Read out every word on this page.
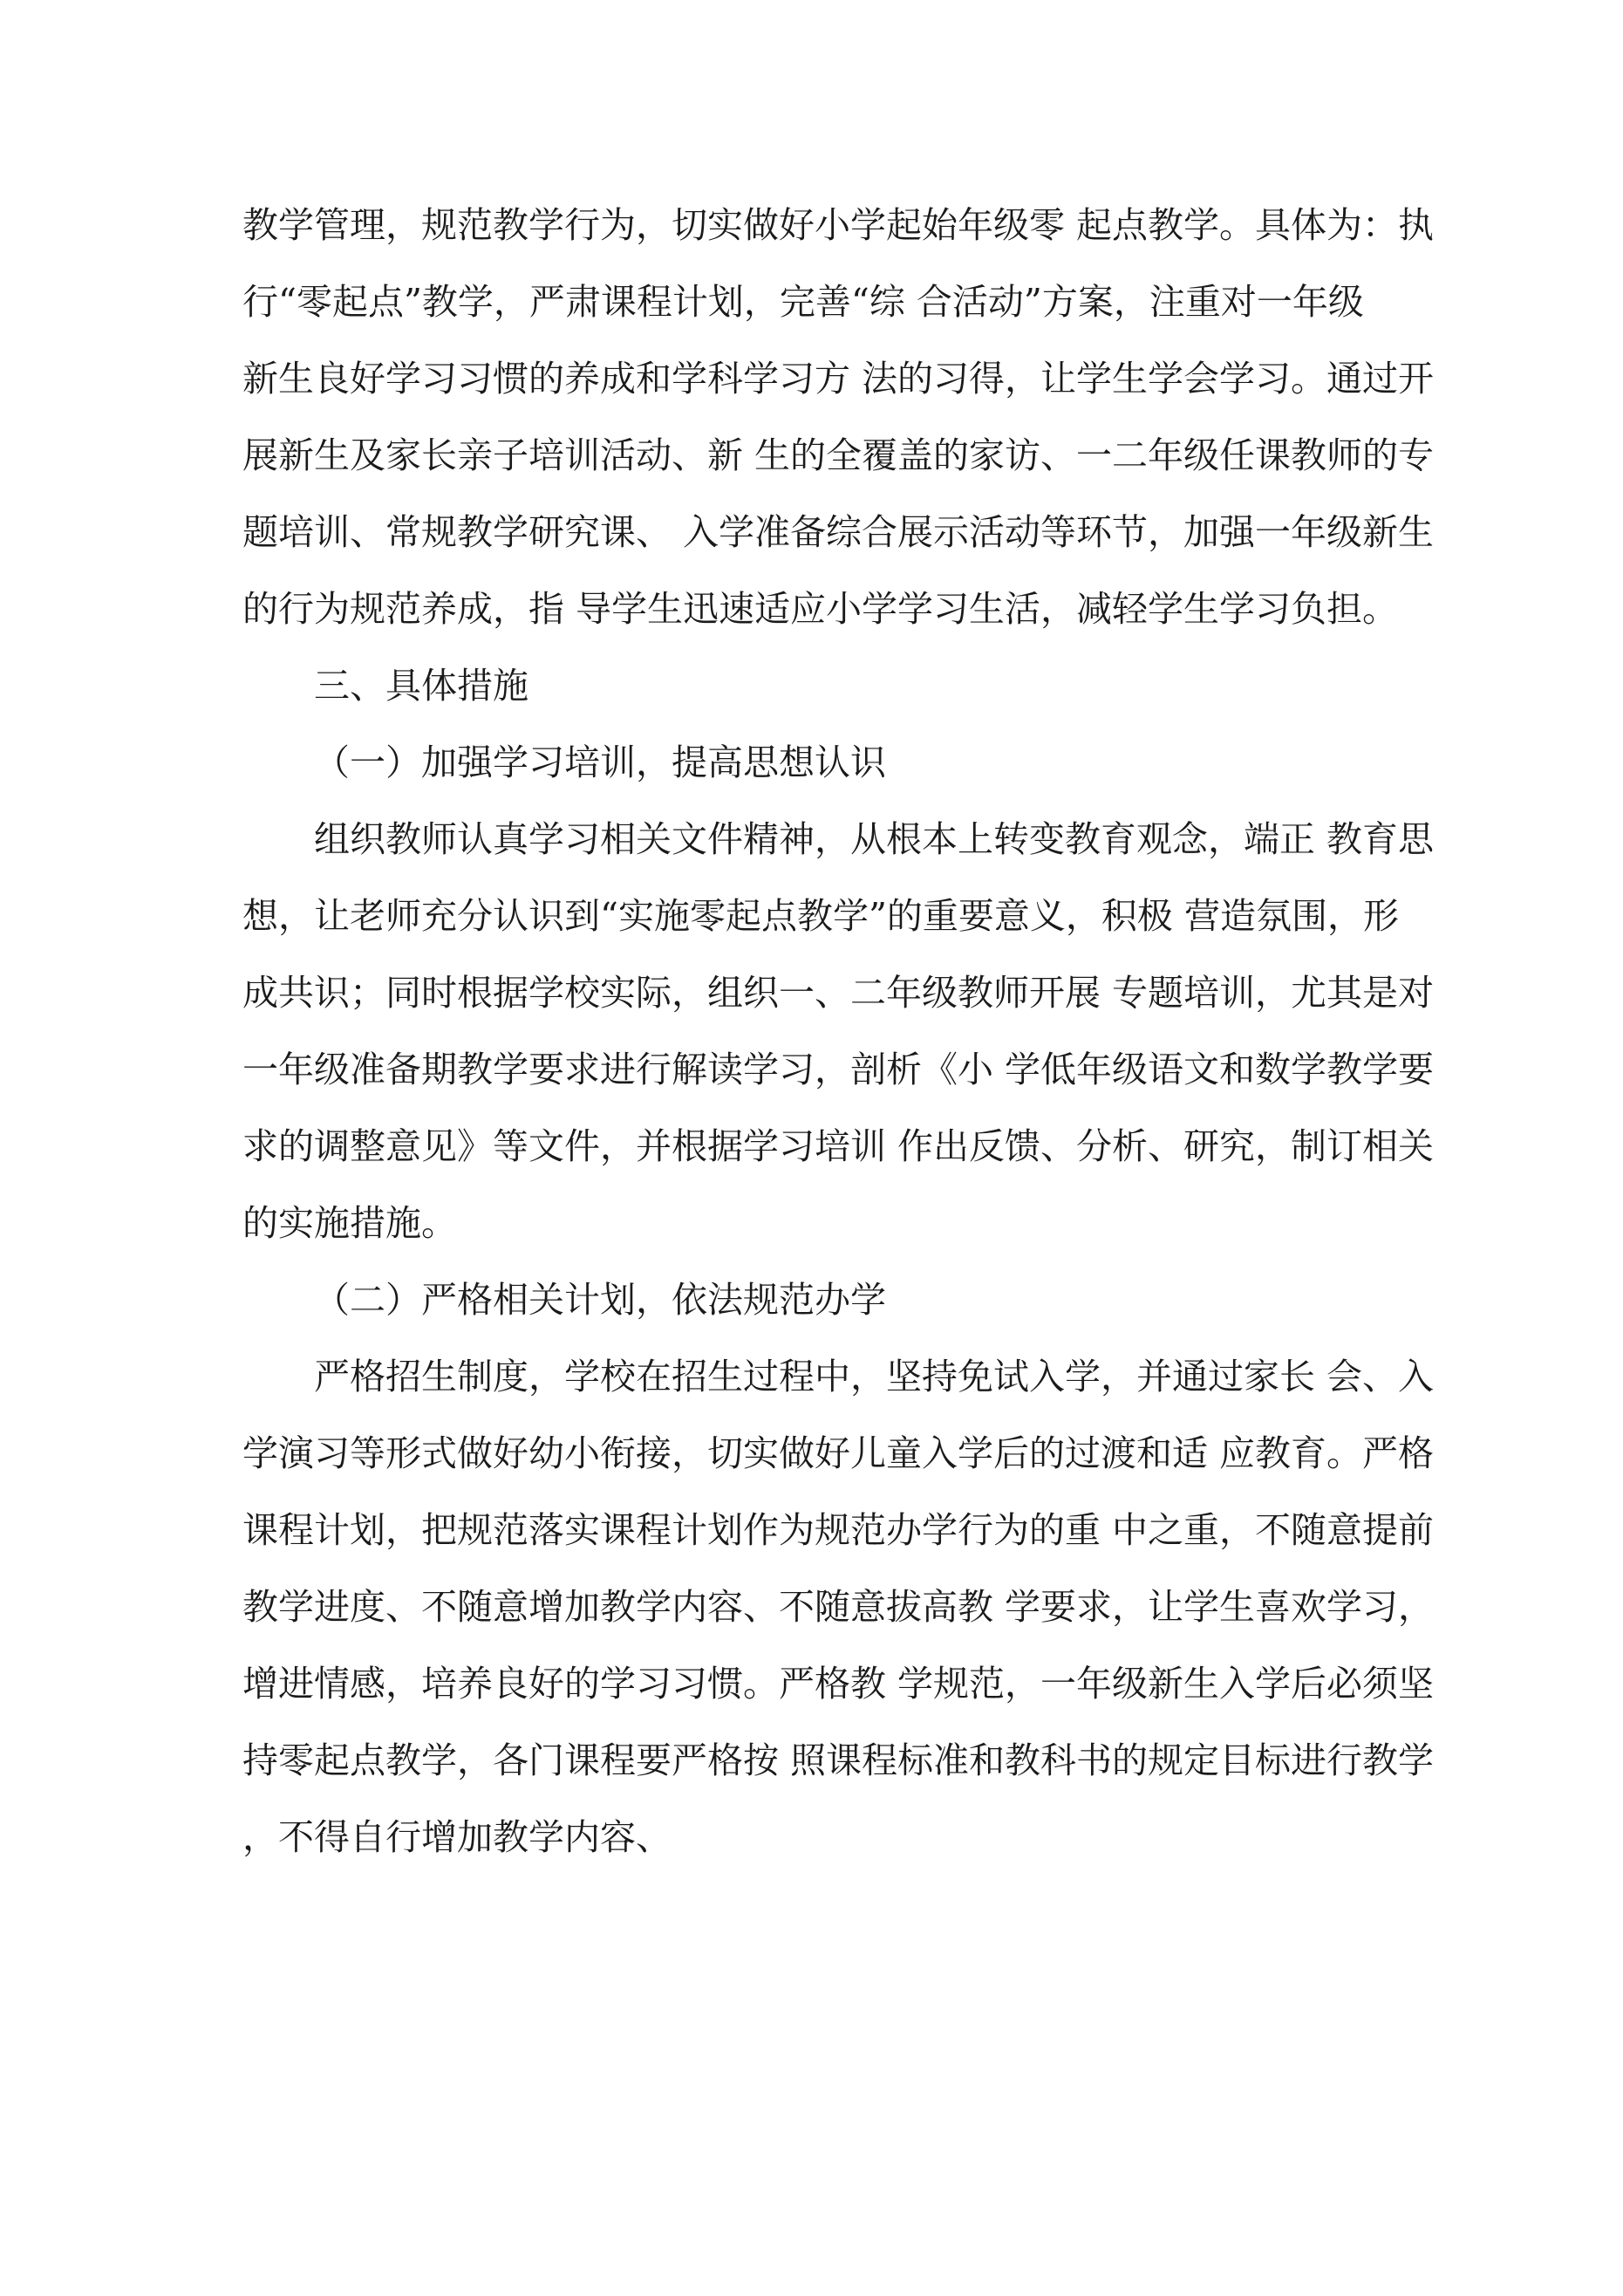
教学管理，规范教学行为，切实做好小学起始年级零 起点教学。具体为：执
行“零起点”教学，严肃课程计划，完善“综 合活动”方案，注重对一年级
新生良好学习习惯的养成和学科学习方 法的习得，让学生学会学习。通过开
展新生及家长亲子培训活动、新 生的全覆盖的家访、一二年级任课教师的专
题培训、常规教学研究课、 入学准备综合展示活动等环节，加强一年级新生
的行为规范养成，指 导学生迅速适应小学学习生活，减轻学生学习负担。
三、具体措施
（一）加强学习培训，提高思想认识
组织教师认真学习相关文件精神，从根本上转变教育观念，端正 教育思
想，让老师充分认识到“实施零起点教学”的重要意义，积极 营造氛围，形
成共识；同时根据学校实际，组织一、二年级教师开展 专题培训，尤其是对
一年级准备期教学要求进行解读学习，剖析《小 学低年级语文和数学教学要
求的调整意见》等文件，并根据学习培训 作出反馈、分析、研究，制订相关
的实施措施。
（二）严格相关计划，依法规范办学
严格招生制度，学校在招生过程中，坚持免试入学，并通过家长 会、入
学演习等形式做好幼小衔接，切实做好儿童入学后的过渡和适 应教育。严格
课程计划，把规范落实课程计划作为规范办学行为的重 中之重，不随意提前
教学进度、不随意增加教学内容、不随意拔高教 学要求，让学生喜欢学习，
增进情感，培养良好的学习习惯。严格教 学规范，一年级新生入学后必须坚
持零起点教学，各门课程要严格按 照课程标准和教科书的规定目标进行教学
，不得自行增加教学内容、
